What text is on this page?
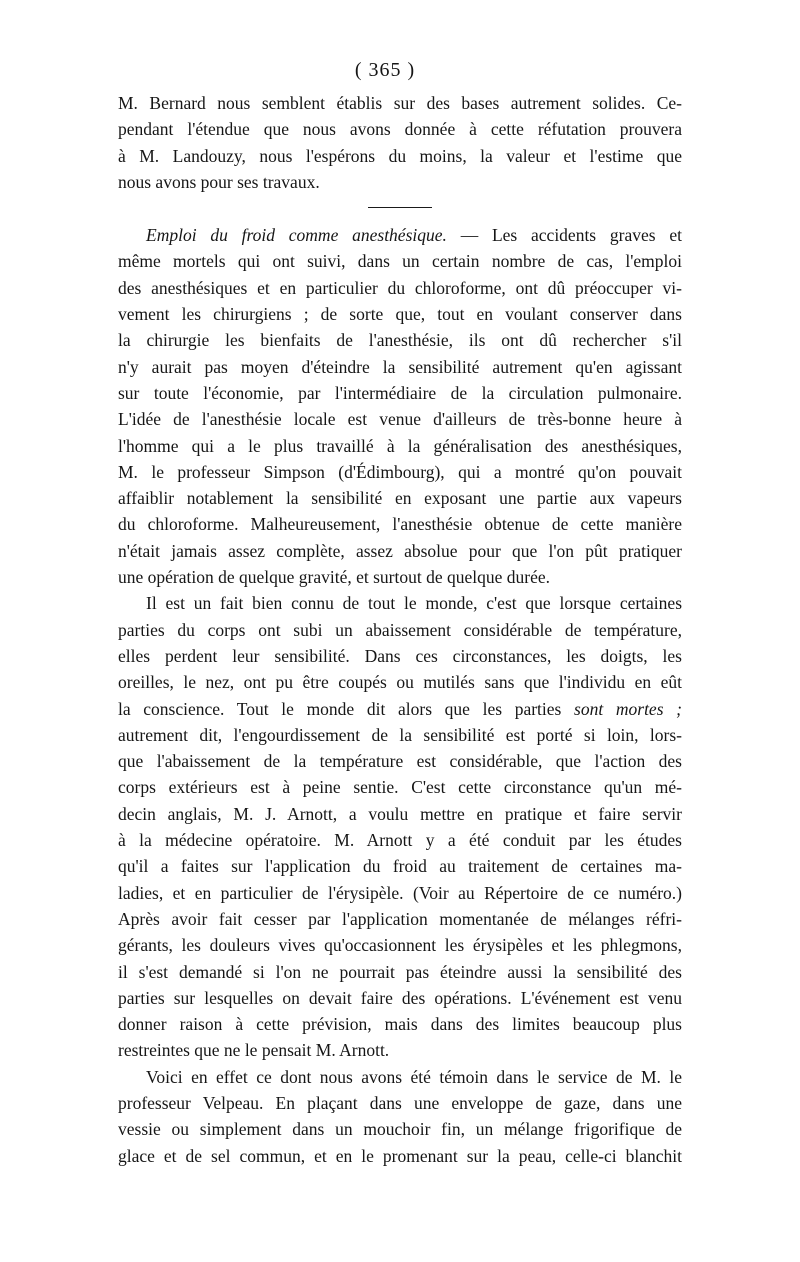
( 365 )
M. Bernard nous semblent établis sur des bases autrement solides. Ce-
pendant l'étendue que nous avons donnée à cette réfutation prouvera
à M. Landouzy, nous l'espérons du moins, la valeur et l'estime que
nous avons pour ses travaux.
Emploi du froid comme anesthésique. — Les accidents graves et
même mortels qui ont suivi, dans un certain nombre de cas, l'emploi
des anesthésiques et en particulier du chloroforme, ont dû préoccuper vi-
vement les chirurgiens ; de sorte que, tout en voulant conserver dans
la chirurgie les bienfaits de l'anesthésie, ils ont dû rechercher s'il
n'y aurait pas moyen d'éteindre la sensibilité autrement qu'en agissant
sur toute l'économie, par l'intermédiaire de la circulation pulmonaire.
L'idée de l'anesthésie locale est venue d'ailleurs de très-bonne heure à
l'homme qui a le plus travaillé à la généralisation des anesthésiques,
M. le professeur Simpson (d'Édimbourg), qui a montré qu'on pouvait
affaiblir notablement la sensibilité en exposant une partie aux vapeurs
du chloroforme. Malheureusement, l'anesthésie obtenue de cette manière
n'était jamais assez complète, assez absolue pour que l'on pût pratiquer
une opération de quelque gravité, et surtout de quelque durée.
Il est un fait bien connu de tout le monde, c'est que lorsque certaines
parties du corps ont subi un abaissement considérable de température,
elles perdent leur sensibilité. Dans ces circonstances, les doigts, les
oreilles, le nez, ont pu être coupés ou mutilés sans que l'individu en eût
la conscience. Tout le monde dit alors que les parties sont mortes ;
autrement dit, l'engourdissement de la sensibilité est porté si loin, lors-
que l'abaissement de la température est considérable, que l'action des
corps extérieurs est à peine sentie. C'est cette circonstance qu'un mé-
decin anglais, M. J. Arnott, a voulu mettre en pratique et faire servir
à la médecine opératoire. M. Arnott y a été conduit par les études
qu'il a faites sur l'application du froid au traitement de certaines ma-
ladies, et en particulier de l'érysipèle. (Voir au Répertoire de ce numéro.)
Après avoir fait cesser par l'application momentanée de mélanges réfri-
gérants, les douleurs vives qu'occasionnent les érysipèles et les phlegmons,
il s'est demandé si l'on ne pourrait pas éteindre aussi la sensibilité des
parties sur lesquelles on devait faire des opérations. L'événement est venu
donner raison à cette prévision, mais dans des limites beaucoup plus
restreintes que ne le pensait M. Arnott.
Voici en effet ce dont nous avons été témoin dans le service de M. le
professeur Velpeau. En plaçant dans une enveloppe de gaze, dans une
vessie ou simplement dans un mouchoir fin, un mélange frigorifique de
glace et de sel commun, et en le promenant sur la peau, celle-ci blanchit
